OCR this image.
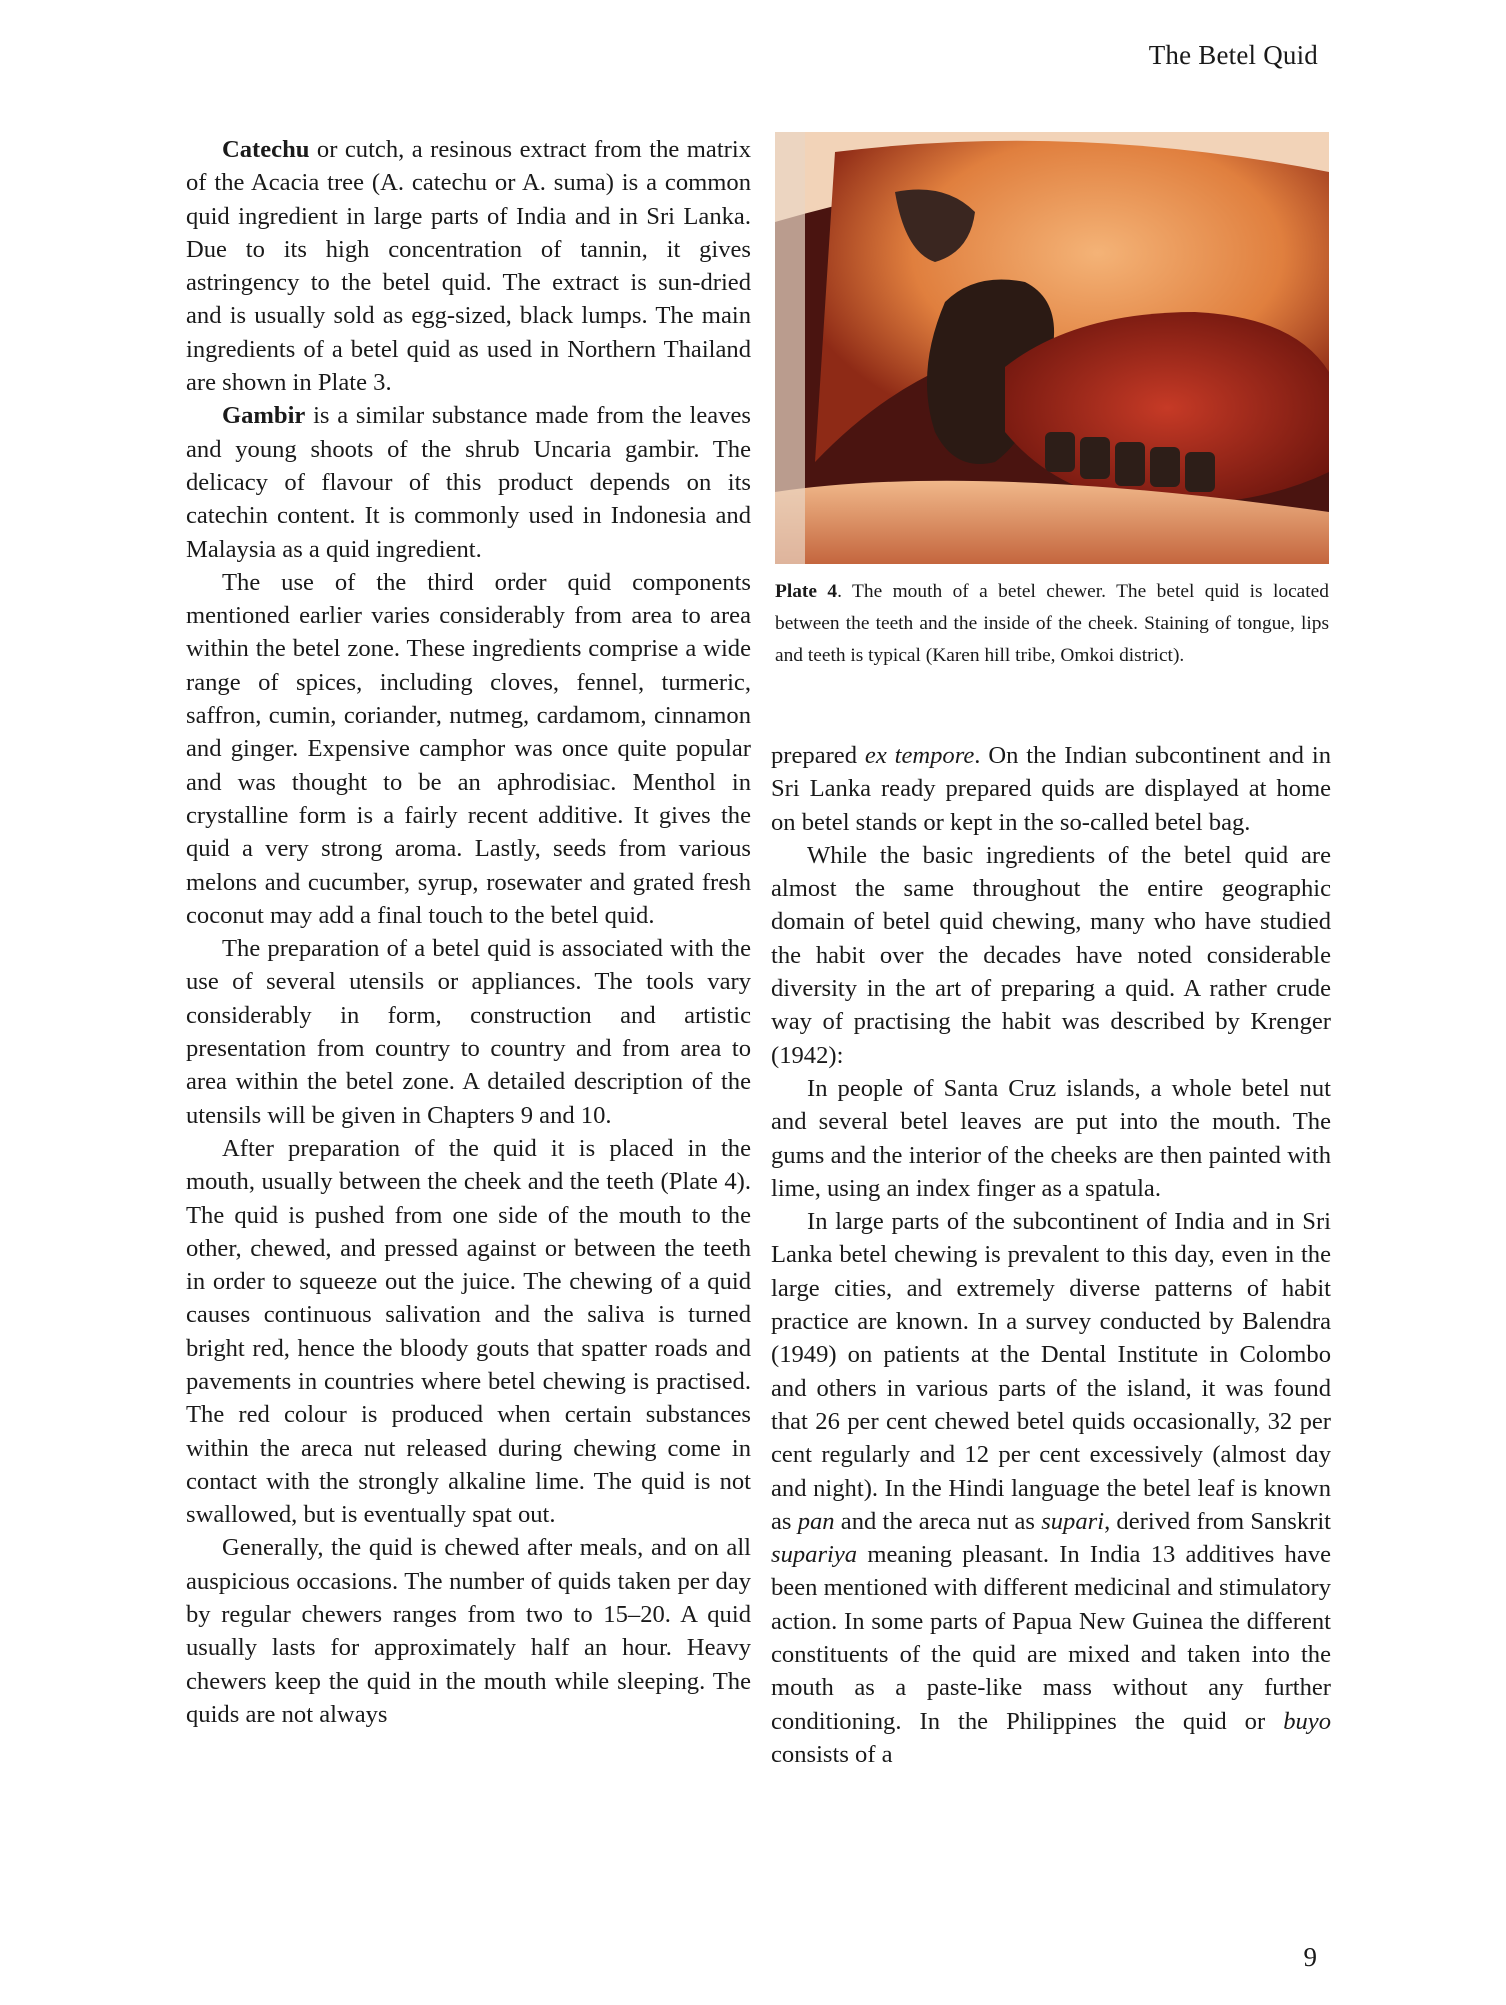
The Betel Quid

Catechu or cutch, a resinous extract from the matrix of the Acacia tree (A. catechu or A. suma) is a common quid ingredient in large parts of India and in Sri Lanka. Due to its high concentration of tannin, it gives astringency to the betel quid. The extract is sun-dried and is usually sold as egg-sized, black lumps. The main ingredients of a betel quid as used in Northern Thailand are shown in Plate 3.

Gambir is a similar substance made from the leaves and young shoots of the shrub Uncaria gambir. The delicacy of flavour of this product depends on its catechin content. It is commonly used in Indonesia and Malaysia as a quid ingredient.

The use of the third order quid components mentioned earlier varies considerably from area to area within the betel zone. These ingredients comprise a wide range of spices, including cloves, fennel, turmeric, saffron, cumin, coriander, nutmeg, cardamom, cinnamon and ginger. Expensive camphor was once quite popular and was thought to be an aphrodisiac. Menthol in crystalline form is a fairly recent additive. It gives the quid a very strong aroma. Lastly, seeds from various melons and cucumber, syrup, rosewater and grated fresh coconut may add a final touch to the betel quid.

The preparation of a betel quid is associated with the use of several utensils or appliances. The tools vary considerably in form, construction and artistic presentation from country to country and from area to area within the betel zone. A detailed description of the utensils will be given in Chapters 9 and 10.

After preparation of the quid it is placed in the mouth, usually between the cheek and the teeth (Plate 4). The quid is pushed from one side of the mouth to the other, chewed, and pressed against or between the teeth in order to squeeze out the juice. The chewing of a quid causes continuous salivation and the saliva is turned bright red, hence the bloody gouts that spatter roads and pavements in countries where betel chewing is practised. The red colour is produced when certain substances within the areca nut released during chewing come in contact with the strongly alkaline lime. The quid is not swallowed, but is eventually spat out.

Generally, the quid is chewed after meals, and on all auspicious occasions. The number of quids taken per day by regular chewers ranges from two to 15–20. A quid usually lasts for approximately half an hour. Heavy chewers keep the quid in the mouth while sleeping. The quids are not always

Plate 4. The mouth of a betel chewer. The betel quid is located between the teeth and the inside of the cheek. Staining of tongue, lips and teeth is typical (Karen hill tribe, Omkoi district).

prepared ex tempore. On the Indian subcontinent and in Sri Lanka ready prepared quids are displayed at home on betel stands or kept in the so-called betel bag.

While the basic ingredients of the betel quid are almost the same throughout the entire geographic domain of betel quid chewing, many who have studied the habit over the decades have noted considerable diversity in the art of preparing a quid. A rather crude way of practising the habit was described by Krenger (1942):

In people of Santa Cruz islands, a whole betel nut and several betel leaves are put into the mouth. The gums and the interior of the cheeks are then painted with lime, using an index finger as a spatula.

In large parts of the subcontinent of India and in Sri Lanka betel chewing is prevalent to this day, even in the large cities, and extremely diverse patterns of habit practice are known. In a survey conducted by Balendra (1949) on patients at the Dental Institute in Colombo and others in various parts of the island, it was found that 26 per cent chewed betel quids occasionally, 32 per cent regularly and 12 per cent excessively (almost day and night). In the Hindi language the betel leaf is known as pan and the areca nut as supari, derived from Sanskrit supariya meaning pleasant. In India 13 additives have been mentioned with different medicinal and stimulatory action. In some parts of Papua New Guinea the different constituents of the quid are mixed and taken into the mouth as a paste-like mass without any further conditioning. In the Philippines the quid or buyo consists of a

9
